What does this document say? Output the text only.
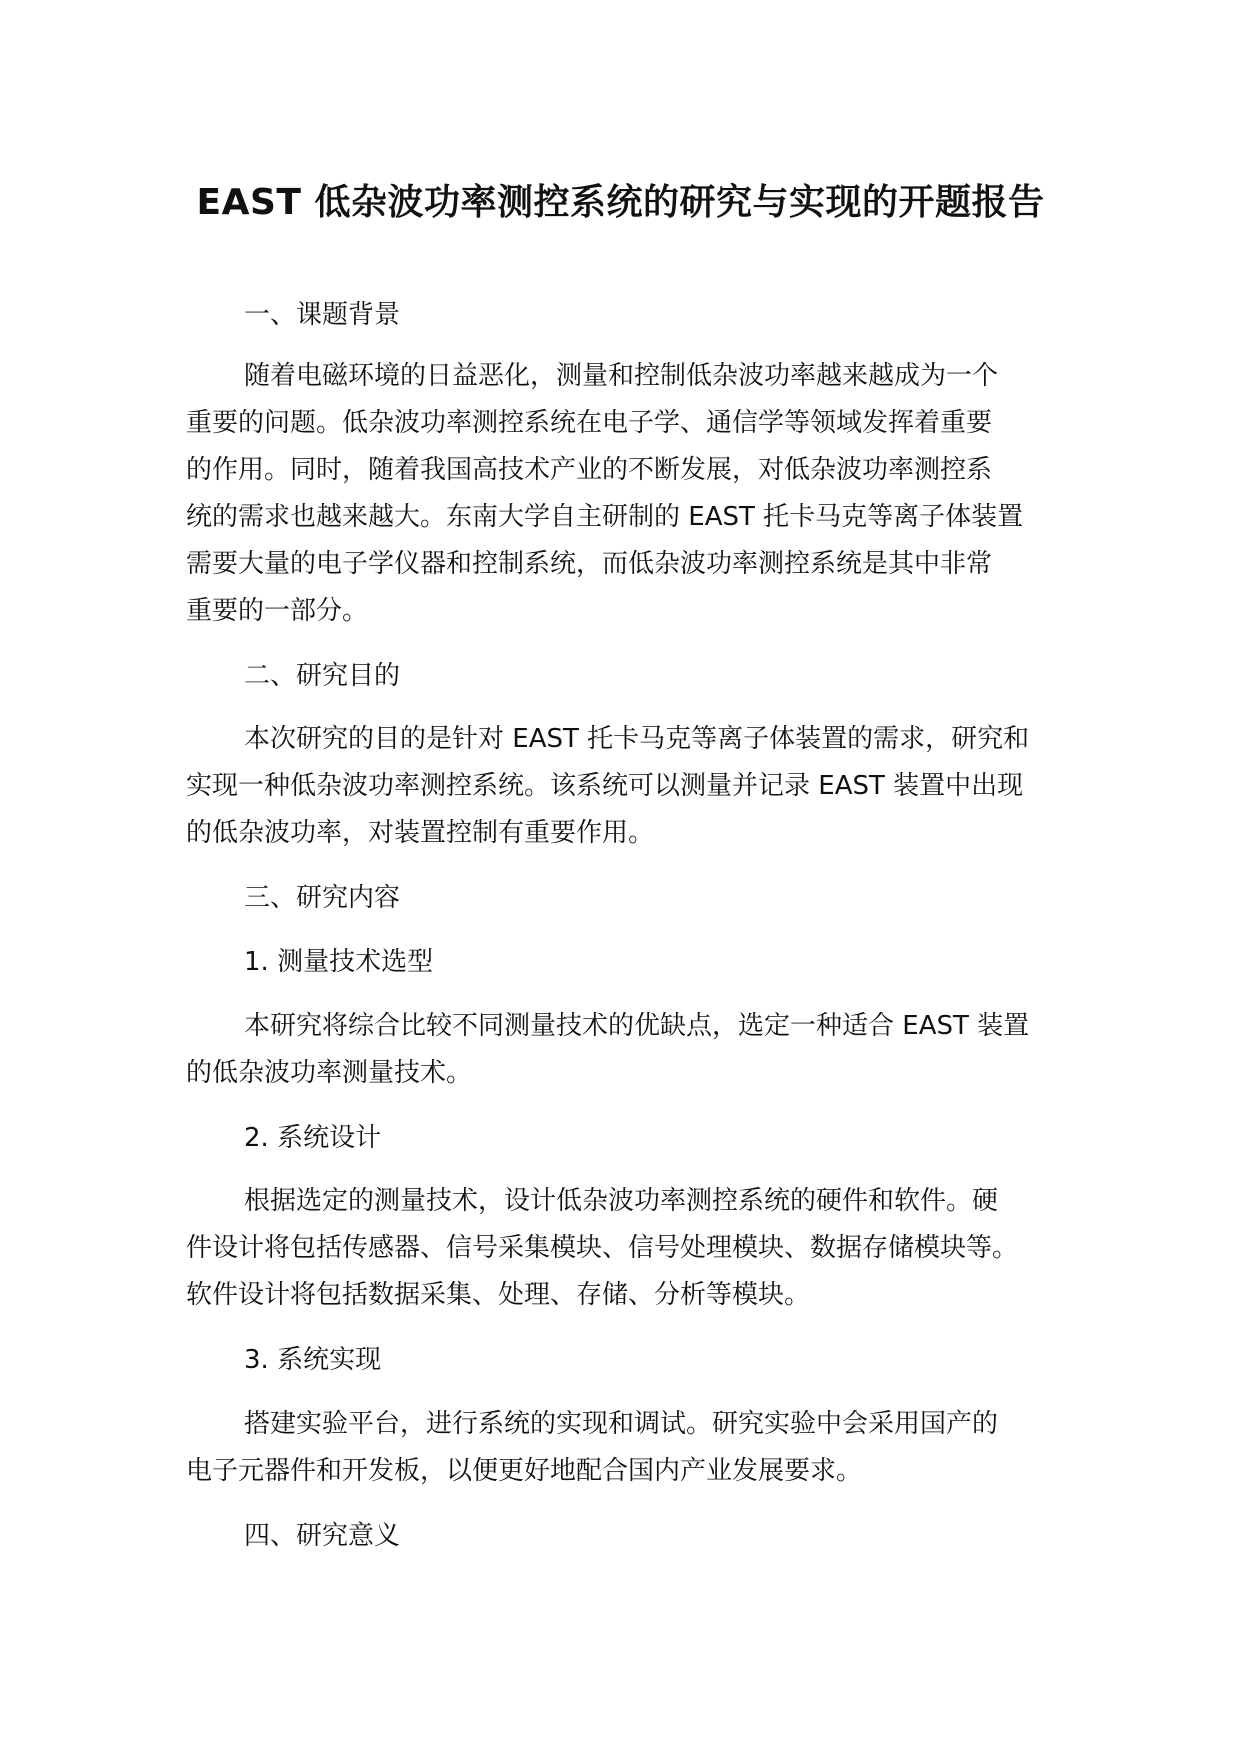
EAST 低杂波功率测控系统的研究与实现的开题报告

一、课题背景

随着电磁环境的日益恶化，测量和控制低杂波功率越来越成为一个

重要的问题。低杂波功率测控系统在电子学、通信学等领域发挥着重要

的作用。同时，随着我国高技术产业的不断发展，对低杂波功率测控系

统的需求也越来越大。东南大学自主研制的 EAST 托卡马克等离子体装置

需要大量的电子学仪器和控制系统，而低杂波功率测控系统是其中非常

重要的一部分。

二、研究目的

本次研究的目的是针对 EAST 托卡马克等离子体装置的需求，研究和

实现一种低杂波功率测控系统。该系统可以测量并记录 EAST 装置中出现

的低杂波功率，对装置控制有重要作用。

三、研究内容

1. 测量技术选型

本研究将综合比较不同测量技术的优缺点，选定一种适合 EAST 装置

的低杂波功率测量技术。

2. 系统设计

根据选定的测量技术，设计低杂波功率测控系统的硬件和软件。硬

件设计将包括传感器、信号采集模块、信号处理模块、数据存储模块等。

软件设计将包括数据采集、处理、存储、分析等模块。

3. 系统实现

搭建实验平台，进行系统的实现和调试。研究实验中会采用国产的

电子元器件和开发板，以便更好地配合国内产业发展要求。

四、研究意义
